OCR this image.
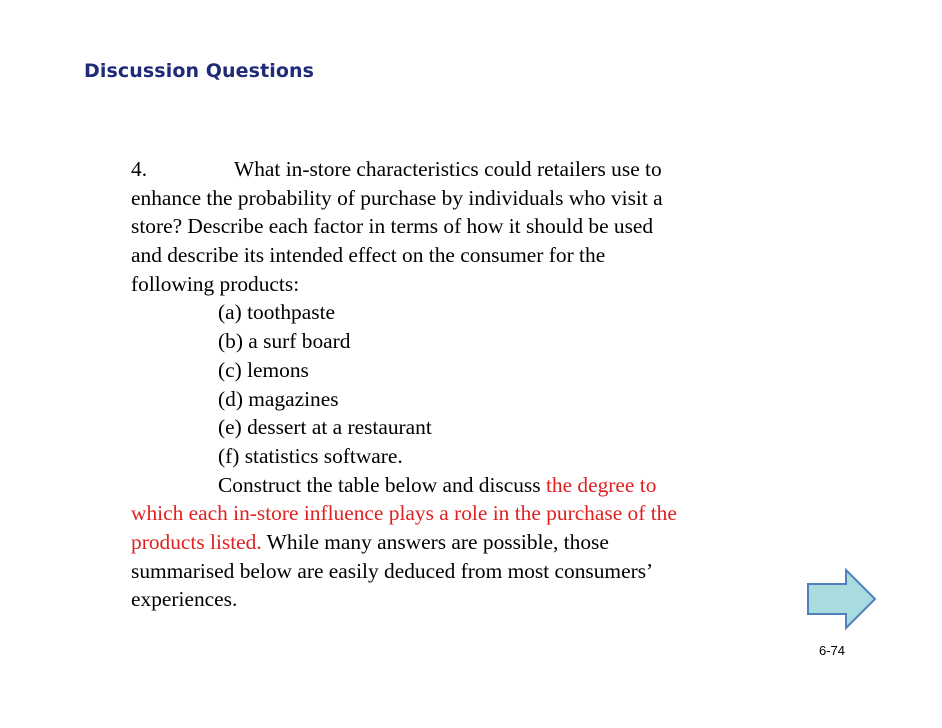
Discussion Questions
4.	What in-store characteristics could retailers use to
enhance the probability of purchase by individuals who visit a
store? Describe each factor in terms of how it should be used
and describe its intended effect on the consumer for the
following products:
(a) toothpaste
(b) a surf board
(c) lemons
(d) magazines
(e) dessert at a restaurant
(f) statistics software.
Construct the table below and discuss the degree to
which each in-store influence plays a role in the purchase of the
products listed. While many answers are possible, those
summarised below are easily deduced from most consumers’
experiences.
6-74
